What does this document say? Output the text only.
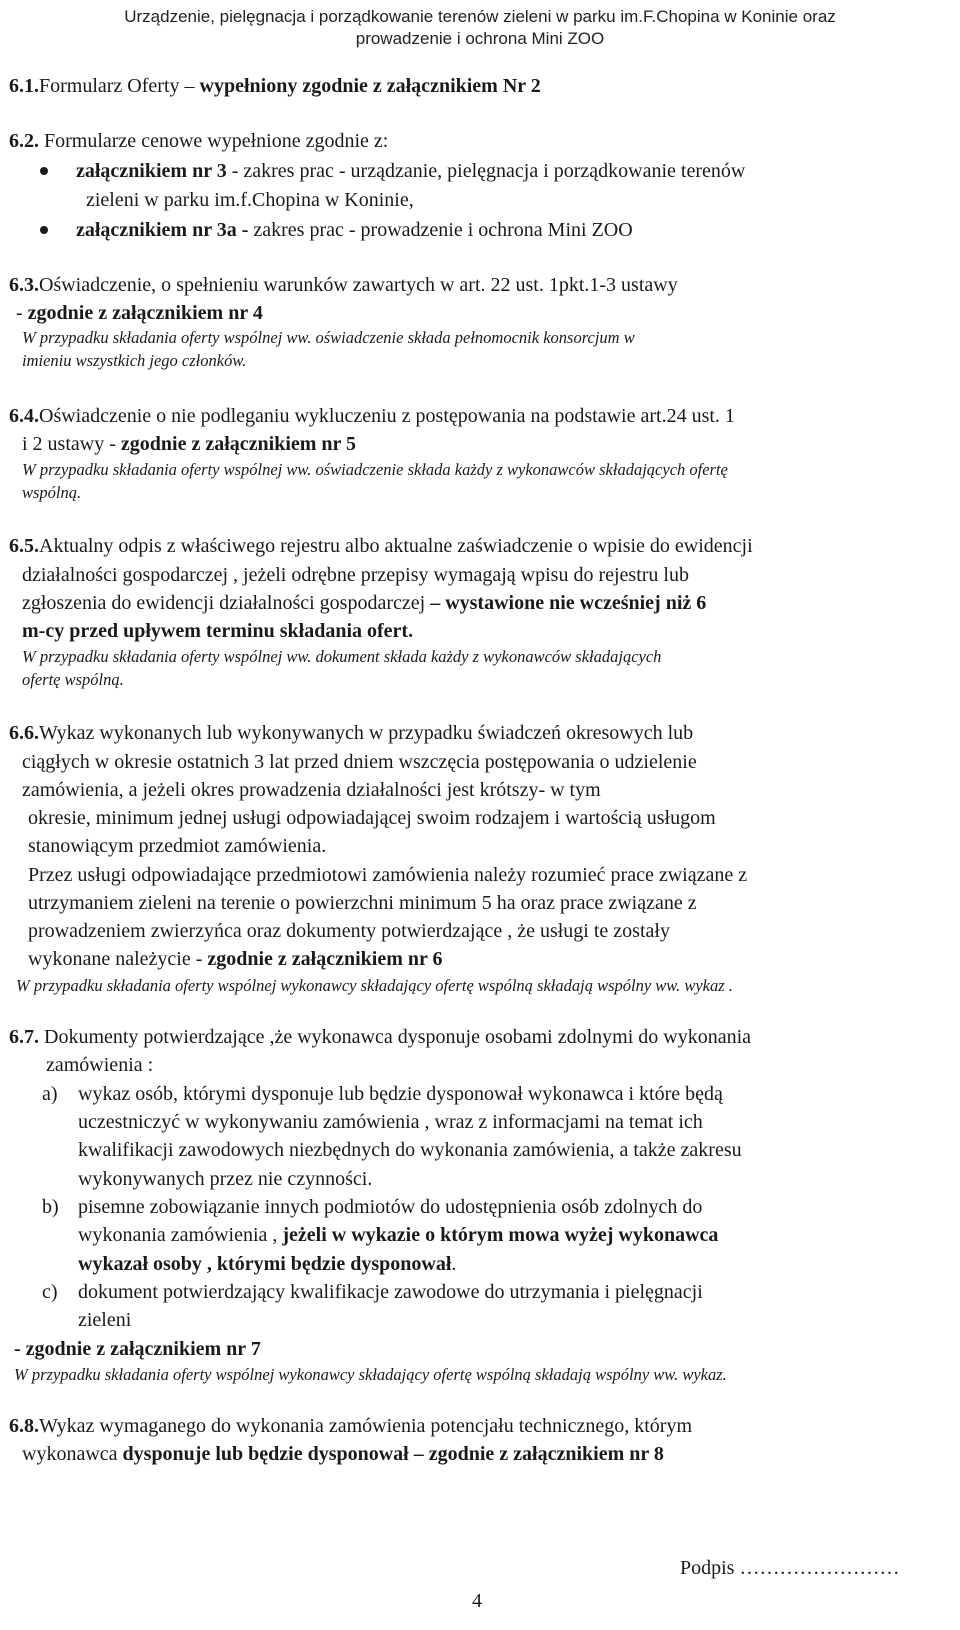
Urządzenie, pielęgnacja i porządkowanie terenów zieleni w parku im.F.Chopina w Koninie oraz
prowadzenie i ochrona Mini ZOO
6.1.Formularz Oferty – wypełniony zgodnie z załącznikiem Nr 2
6.2. Formularze cenowe wypełnione zgodnie z:
załącznikiem nr 3 - zakres prac - urządzanie, pielęgnacja i porządkowanie terenów
zieleni w parku im.f.Chopina w Koninie,
załącznikiem nr 3a - zakres prac - prowadzenie i ochrona Mini ZOO
6.3.Oświadczenie, o spełnieniu warunków zawartych w art. 22 ust. 1pkt.1-3 ustawy
- zgodnie z załącznikiem nr 4
W przypadku składania oferty wspólnej ww. oświadczenie składa pełnomocnik konsorcjum w
imieniu wszystkich jego członków.
6.4.Oświadczenie o nie podleganiu wykluczeniu z postępowania na podstawie art.24 ust. 1
i 2 ustawy - zgodnie z załącznikiem nr 5
W przypadku składania oferty wspólnej ww. oświadczenie składa każdy z wykonawców składających ofertę
wspólną.
6.5.Aktualny odpis z właściwego rejestru albo aktualne zaświadczenie o wpisie do ewidencji
działalności gospodarczej , jeżeli odrębne przepisy wymagają wpisu do rejestru lub
zgłoszenia do ewidencji działalności gospodarczej – wystawione nie wcześniej niż 6
m-cy przed upływem terminu składania ofert.
W przypadku składania oferty wspólnej ww. dokument składa każdy z wykonawców składających
ofertę wspólną.
6.6.Wykaz wykonanych lub wykonywanych w przypadku świadczeń okresowych lub
ciągłych w okresie ostatnich 3 lat przed dniem wszczęcia postępowania o udzielenie
zamówienia, a jeżeli okres prowadzenia działalności jest krótszy- w tym
okresie, minimum jednej usługi odpowiadającej swoim rodzajem i wartością usługom
stanowiącym przedmiot zamówienia.
Przez usługi odpowiadające przedmiotowi zamówienia należy rozumieć prace związane z
utrzymaniem zieleni na terenie o powierzchni minimum 5 ha oraz prace związane z
prowadzeniem zwierzyńca oraz dokumenty potwierdzające , że usługi te zostały
wykonane należycie - zgodnie z załącznikiem nr 6
W przypadku składania oferty wspólnej wykonawcy składający ofertę wspólną składają wspólny ww. wykaz .
6.7. Dokumenty potwierdzające ,że wykonawca dysponuje osobami zdolnymi do wykonania
zamówienia :
a) wykaz osób, którymi dysponuje lub będzie dysponował wykonawca i które będą
uczestniczyć w wykonywaniu zamówienia , wraz z informacjami na temat ich
kwalifikacji zawodowych niezbędnych do wykonania zamówienia, a także zakresu
wykonywanych przez nie czynności.
b) pisemne zobowiązanie innych podmiotów do udostępnienia osób zdolnych do
wykonania zamówienia , jeżeli w wykazie o którym mowa wyżej wykonawca
wykazał osoby , którymi będzie dysponował.
c) dokument potwierdzający kwalifikacje zawodowe do utrzymania i pielęgnacji
zieleni
- zgodnie z załącznikiem nr 7
W przypadku składania oferty wspólnej wykonawcy składający ofertę wspólną składają wspólny ww. wykaz.
6.8.Wykaz wymaganego do wykonania zamówienia potencjału technicznego, którym
wykonawca dysponuje lub będzie dysponował – zgodnie z załącznikiem nr 8
Podpis ……………………
4
